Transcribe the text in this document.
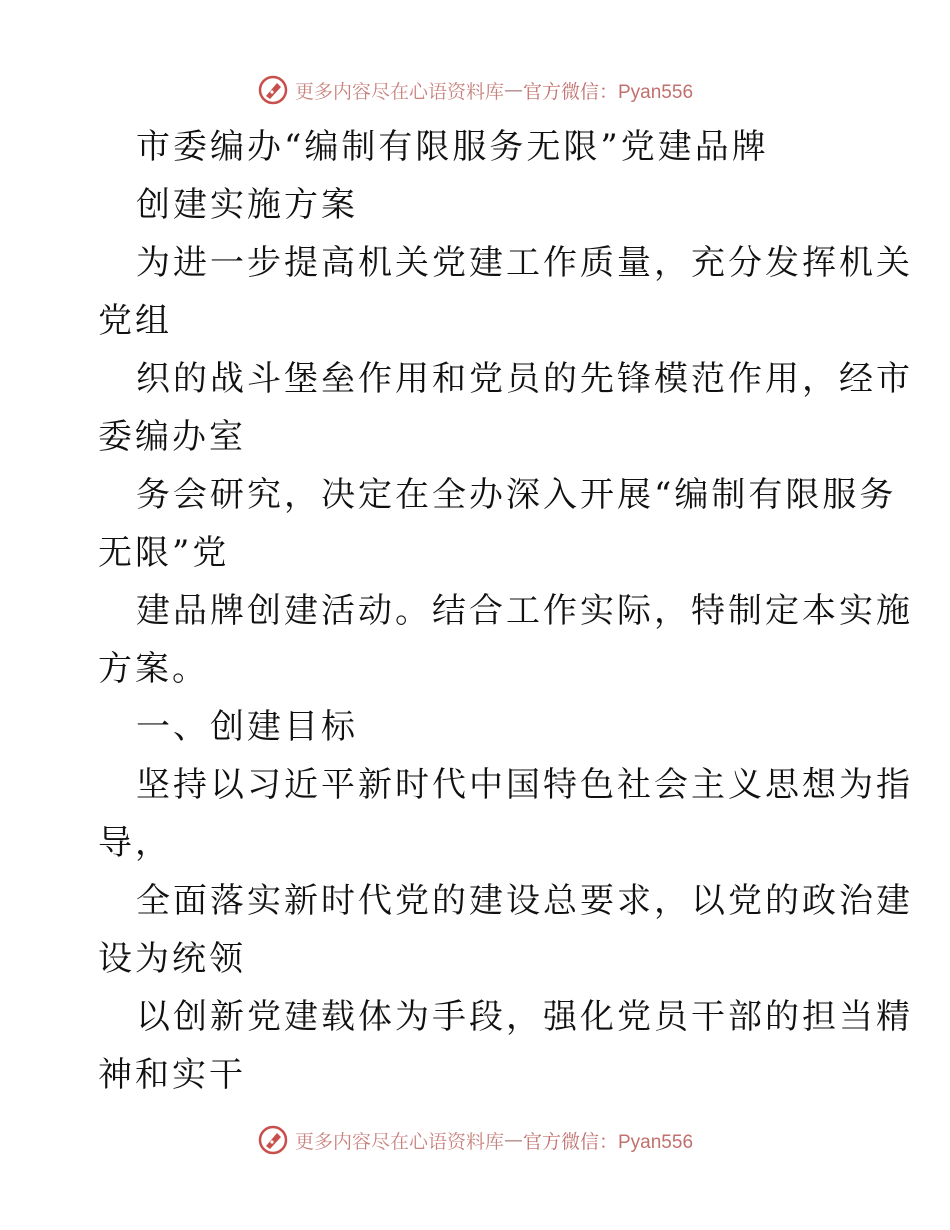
更多内容尽在心语资料库 — 官方微信：Pyan556
市委编办“编制有限服务无限”党建品牌
创建实施方案
为进一步提高机关党建工作质量，充分发挥机关
党组
织的战斗堡垒作用和党员的先锋模范作用，经市
委编办室
务会研究，决定在全办深入开展“编制有限服务
无限”党
建品牌创建活动。结合工作实际，特制定本实施
方案。
一、创建目标
坚持以习近平新时代中国特色社会主义思想为指
导，
全面落实新时代党的建设总要求，以党的政治建
设为统领
以创新党建载体为手段，强化党员干部的担当精
神和实干
更多内容尽在心语资料库 — 官方微信：Pyan556
